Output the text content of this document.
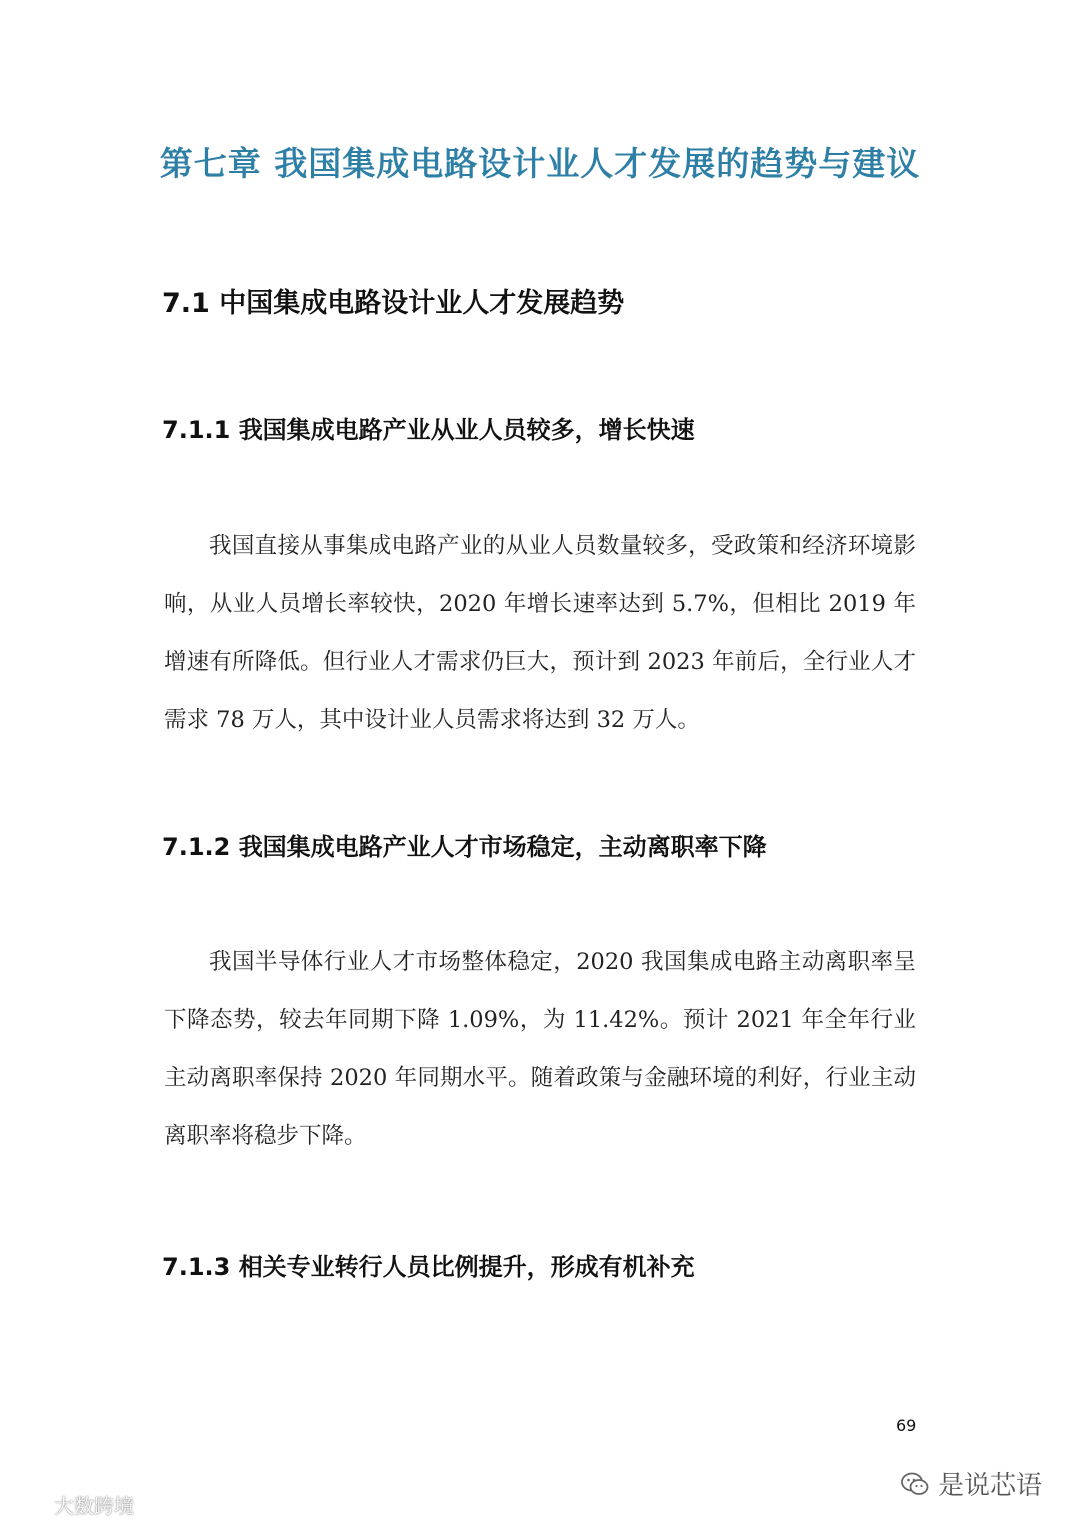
第七章 我国集成电路设计业人才发展的趋势与建议
7.1 中国集成电路设计业人才发展趋势
7.1.1 我国集成电路产业从业人员较多，增长快速

我国直接从事集成电路产业的从业人员数量较多，受政策和经济环境影响，从业人员增长率较快，2020 年增长速率达到 5.7%，但相比 2019 年增速有所降低。但行业人才需求仍巨大，预计到 2023 年前后，全行业人才需求 78 万人，其中设计业人员需求将达到 32 万人。

7.1.2 我国集成电路产业人才市场稳定，主动离职率下降

我国半导体行业人才市场整体稳定，2020 我国集成电路主动离职率呈下降态势，较去年同期下降 1.09%，为 11.42%。预计 2021 年全年行业主动离职率保持 2020 年同期水平。随着政策与金融环境的利好，行业主动离职率将稳步下降。

7.1.3 相关专业转行人员比例提升，形成有机补充
69
是说芯语
大数跨境
